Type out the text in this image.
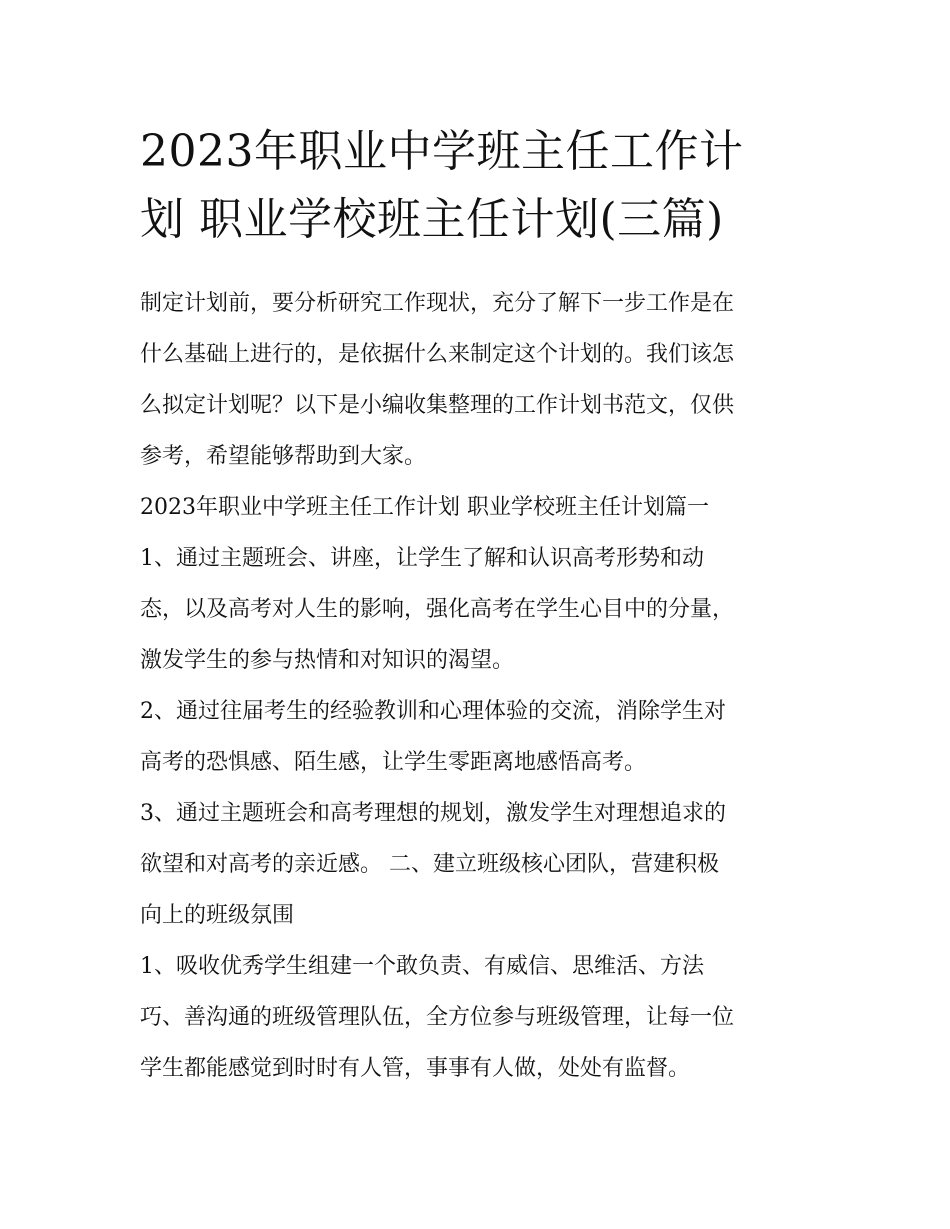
2023年职业中学班主任工作计
划 职业学校班主任计划(三篇)

制定计划前，要分析研究工作现状，充分了解下一步工作是在
什么基础上进行的，是依据什么来制定这个计划的。我们该怎
么拟定计划呢？以下是小编收集整理的工作计划书范文，仅供
参考，希望能够帮助到大家。

2023年职业中学班主任工作计划 职业学校班主任计划篇一

1、通过主题班会、讲座，让学生了解和认识高考形势和动
态，以及高考对人生的影响，强化高考在学生心目中的分量，
激发学生的参与热情和对知识的渴望。

2、通过往届考生的经验教训和心理体验的交流，消除学生对
高考的恐惧感、陌生感，让学生零距离地感悟高考。

3、通过主题班会和高考理想的规划，激发学生对理想追求的
欲望和对高考的亲近感。 二、建立班级核心团队，营建积极
向上的班级氛围

1、吸收优秀学生组建一个敢负责、有威信、思维活、方法
巧、善沟通的班级管理队伍，全方位参与班级管理，让每一位
学生都能感觉到时时有人管，事事有人做，处处有监督。
